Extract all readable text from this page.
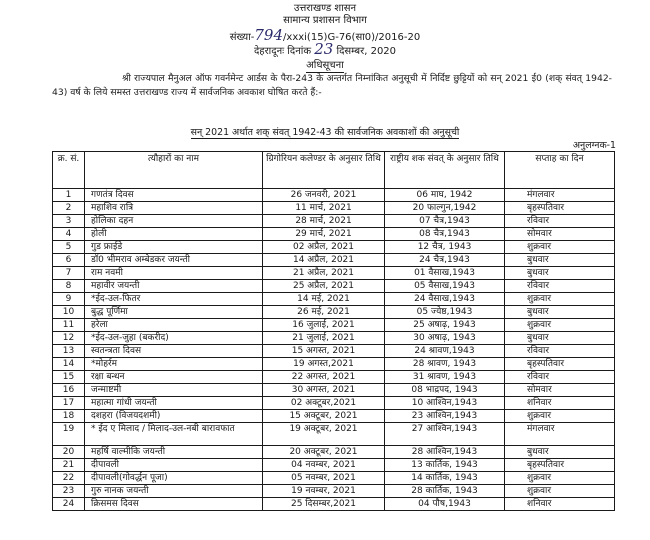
उत्तराखण्ड शासन
सामान्य प्रशासन विभाग
संख्या-794/xxxi(15)G-76(सा0)/2016-20
देहरादूनः दिनांक 23 दिसम्बर, 2020
अधिसूचना
श्री राज्यपाल मैनुअल ऑफ गवर्नमेन्ट आर्डस के पैरा-243 के अन्तर्गत निम्नांकित अनुसूची में निर्दिष्ट छुट्टियों को सन् 2021 ई0 (शक् संवत् 1942-43) वर्ष के लिये समस्त उत्तराखण्ड राज्य में सार्वजनिक अवकाश घोषित करते हैं:-
सन् 2021 अर्थात शक् संवत् 1942-43 की सार्वजनिक अवकाशों की अनुसूची
अनुलग्नक-1
क्र. सं.	त्यौहारों का नाम	ग्रिगोरियन कलेण्डर के अनुसार तिथि	राष्ट्रीय शक संवत् के अनुसार तिथि	सप्ताह का दिन
1	गणतंत्र दिवस	26 जनवरी, 2021	06 माघ, 1942	मंगलवार
2	महाशिव रात्रि	11 मार्च, 2021	20 फाल्गुन,1942	बृहस्पतिवार
3	होलिका दहन	28 मार्च, 2021	07 चैत्र,1943	रविवार
4	होली	29 मार्च, 2021	08 चैत्र,1943	सोमवार
5	गुड फ्राईडे	02 अप्रैल, 2021	12 चैत्र, 1943	शुक्रवार
6	डॉ0 भीमराव अम्बेडकर जयन्ती	14 अप्रैल, 2021	24 चैत्र,1943	बुधवार
7	राम नवमी	21 अप्रैल, 2021	01 वैसाख,1943	बुधवार
8	महावीर जयन्ती	25 अप्रैल, 2021	05 वैसाख,1943	रविवार
9	*ईद-उल-फितर	14 मई, 2021	24 वैसाख,1943	शुक्रवार
10	बुद्ध पूर्णिमा	26 मई, 2021	05 ज्येष्ठ,1943	बुधवार
11	हरेला	16 जुलाई, 2021	25 अषाढ़, 1943	शुक्रवार
12	*ईद-उल-जुहा (बकरीद)	21 जुलाई, 2021	30 अषाढ़, 1943	बुधवार
13	स्वतन्त्रता दिवस	15 अगस्त, 2021	24 श्रावण,1943	रविवार
14	*मोहर्रम	19 अगस्त,2021	28 श्रावण, 1943	बृहस्पतिवार
15	रक्षा बन्धन	22 अगस्त, 2021	31 श्रावण, 1943	रविवार
16	जन्माष्टमी	30 अगस्त, 2021	08 भाद्रपद, 1943	सोमवार
17	महात्मा गांधी जयन्ती	02 अक्टूबर,2021	10 आश्विन,1943	शनिवार
18	दशहरा (विजयदशमी)	15 अक्टूबर, 2021	23 आश्विन,1943	शुक्रवार
19	* ईद ए मिलाद / मिलाद-उल-नबी बारावफात	19 अक्टूबर, 2021	27 आश्विन,1943	मंगलवार
20	महर्षि वाल्मीकि जयन्ती	20 अक्टूबर, 2021	28 आश्विन,1943	बुधवार
21	दीपावली	04 नवम्बर, 2021	13 कार्तिक, 1943	बृहस्पतिवार
22	दीपावली(गोवर्द्धन पूजा)	05 नवम्बर, 2021	14 कार्तिक, 1943	शुक्रवार
23	गुरु नानक जयन्ती	19 नवम्बर, 2021	28 कार्तिक, 1943	शुक्रवार
24	क्रिसमस दिवस	25 दिसम्बर,2021	04 पौष,1943	शनिवार
